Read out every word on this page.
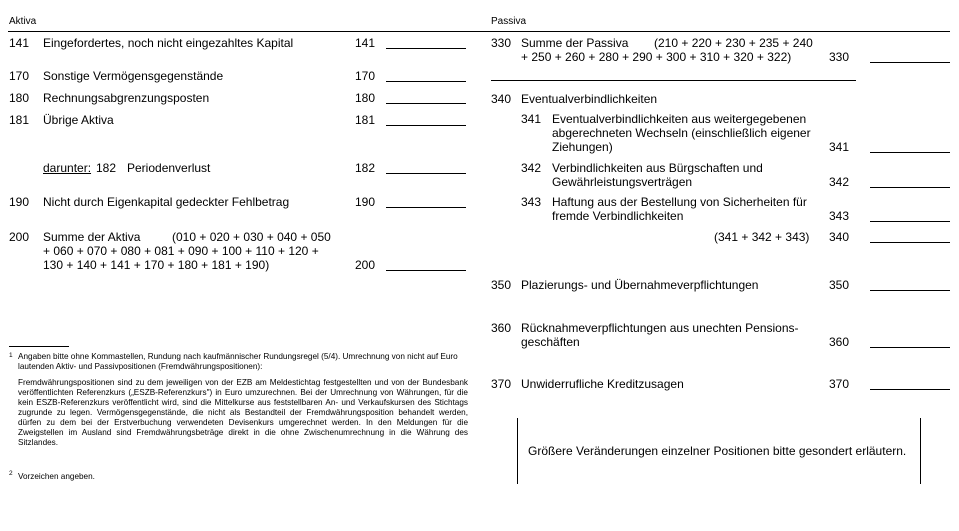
Aktiva	Passiva
141 Eingefordertes, noch nicht eingezahltes Kapital	141
170 Sonstige Vermögensgegenstände	170
180 Rechnungsabgrenzungsposten	180
181 Übrige Aktiva	181
darunter: 182 Periodenverlust	182
190 Nicht durch Eigenkapital gedeckter Fehlbetrag	190
200 Summe der Aktiva	(010 + 020 + 030 + 040 + 050
+ 060 + 070 + 080 + 081 + 090 + 100 + 110 + 120 +
130 + 140 + 141 + 170 + 180 + 181 + 190)	200
1 Angaben bitte ohne Kommastellen, Rundung nach kaufmännischer Rundungsregel (5/4). Umrechnung von nicht auf Euro lautenden Aktiv- und Passivpositionen (Fremdwährungspositionen):
Fremdwährungspositionen sind zu dem jeweiligen von der EZB am Meldestichtag festgestellten und von der Bundesbank veröffentlichten Referenzkurs („ESZB-Referenzkurs") in Euro umzurechnen. Bei der Umrechnung von Währungen, für die kein ESZB-Referenzkurs veröffentlicht wird, sind die Mittelkurse aus feststellbaren An- und Verkaufskursen des Stichtags zugrunde zu legen. Vermögensgegenstände, die nicht als Bestandteil der Fremdwährungsposition behandelt werden, dürfen zu dem bei der Erstverbuchung verwendeten Devisenkurs umgerechnet werden. In den Meldungen für die Zweigstellen im Ausland sind Fremdwährungsbeträge direkt in die ohne Zwischenumrechnung in die Währung des Sitzlandes.
2 Vorzeichen angeben.
330 Summe der Passiva (210 + 220 + 230 + 235 + 240
+ 250 + 260 + 280 + 290 + 300 + 310 + 320 + 322)	330
340 Eventualverbindlichkeiten
341 Eventualverbindlichkeiten aus weitergegebenen
abgerechneten Wechseln (einschließlich eigener
Ziehungen)	341
342 Verbindlichkeiten aus Bürgschaften und
Gewährleistungsverträgen	342
343 Haftung aus der Bestellung von Sicherheiten für
fremde Verbindlichkeiten	343
(341 + 342 + 343) 340
350 Plazierungs- und Übernahmeverpflichtungen	350
360 Rücknahmeverpflichtungen aus unechten Pensions-
geschäften	360
370 Unwiderrufliche Kreditzusagen	370
Größere Veränderungen einzelner Positionen bitte gesondert erläutern.
